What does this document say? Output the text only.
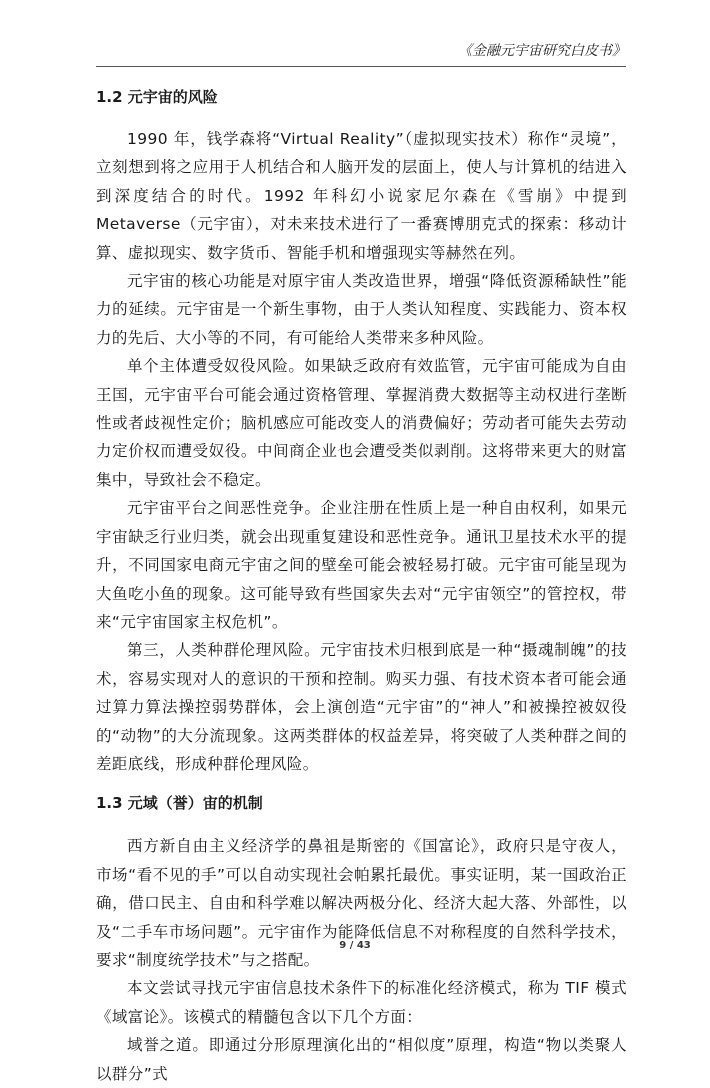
《金融元宇宙研究白皮书》
1.2 元宇宙的风险

1990 年，钱学森将“Virtual Reality”（虚拟现实技术）称作“灵境”，立刻想到将之应用于人机结合和人脑开发的层面上，使人与计算机的结进入到深度结合的时代。1992 年科幻小说家尼尔森在《雪崩》中提到 Metaverse（元宇宙），对未来技术进行了一番赛博朋克式的探索：移动计算、虚拟现实、数字货币、智能手机和增强现实等赫然在列。

元宇宙的核心功能是对原宇宙人类改造世界，增强“降低资源稀缺性”能力的延续。元宇宙是一个新生事物，由于人类认知程度、实践能力、资本权力的先后、大小等的不同，有可能给人类带来多种风险。

单个主体遭受奴役风险。如果缺乏政府有效监管，元宇宙可能成为自由王国，元宇宙平台可能会通过资格管理、掌握消费大数据等主动权进行垄断性或者歧视性定价；脑机感应可能改变人的消费偏好；劳动者可能失去劳动力定价权而遭受奴役。中间商企业也会遭受类似剥削。这将带来更大的财富集中，导致社会不稳定。

元宇宙平台之间恶性竞争。企业注册在性质上是一种自由权利，如果元宇宙缺乏行业归类，就会出现重复建设和恶性竞争。通讯卫星技术水平的提升，不同国家电商元宇宙之间的壁垒可能会被轻易打破。元宇宙可能呈现为大鱼吃小鱼的现象。这可能导致有些国家失去对“元宇宙领空”的管控权，带来“元宇宙国家主权危机”。

第三，人类种群伦理风险。元宇宙技术归根到底是一种“摄魂制魄”的技术，容易实现对人的意识的干预和控制。购买力强、有技术资本者可能会通过算力算法操控弱势群体，会上演创造“元宇宙”的“神人”和被操控被奴役的“动物”的大分流现象。这两类群体的权益差异，将突破了人类种群之间的差距底线，形成种群伦理风险。

1.3 元域（誉）宙的机制

西方新自由主义经济学的鼻祖是斯密的《国富论》，政府只是守夜人，市场“看不见的手”可以自动实现社会帕累托最优。事实证明，某一国政治正确，借口民主、自由和科学难以解决两极分化、经济大起大落、外部性，以及“二手车市场问题”。元宇宙作为能降低信息不对称程度的自然科学技术，要求“制度统学技术”与之搭配。

本文尝试寻找元宇宙信息技术条件下的标准化经济模式，称为 TIF 模式《域富论》。该模式的精髓包含以下几个方面：

域誉之道。即通过分形原理演化出的“相似度”原理，构造“物以类聚人以群分”式

9 / 43
